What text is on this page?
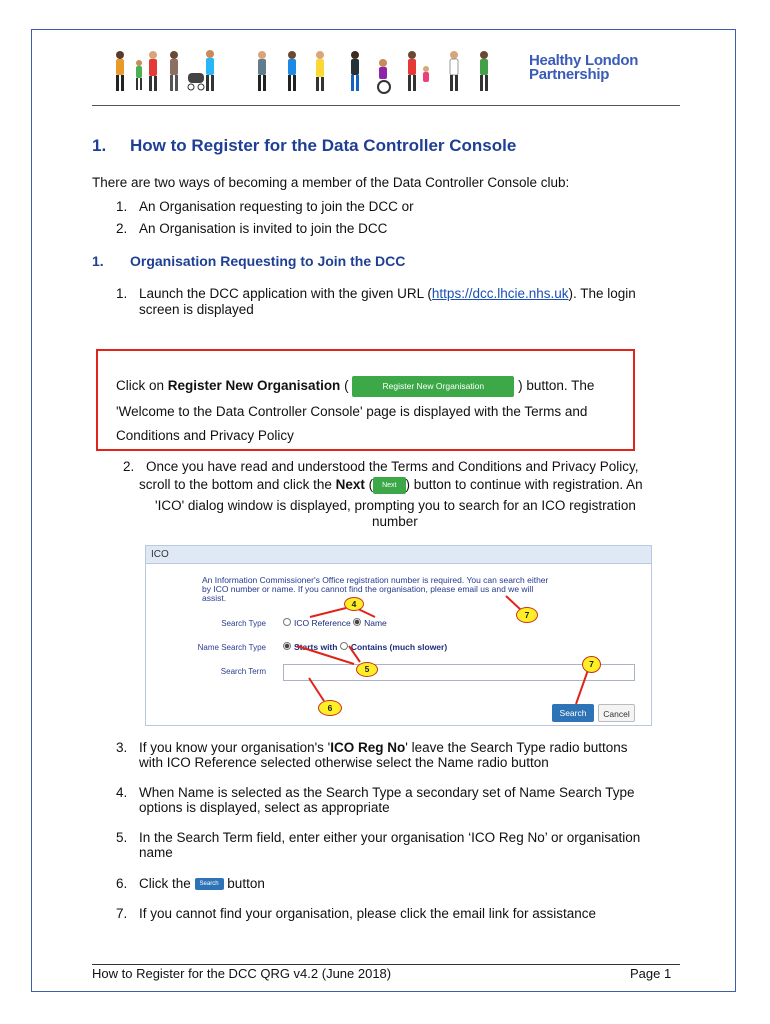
Healthy London
Partnership
1. How to Register for the Data Controller Console
There are two ways of becoming a member of the Data Controller Console club:
1. An Organisation requesting to join the DCC or
2. An Organisation is invited to join the DCC
1. Organisation Requesting to Join the DCC
1. Launch the DCC application with the given URL (https://dcc.lhcie.nhs.uk). The login
screen is displayed
Click on Register New Organisation (	Register New Organisation	) button. The
'Welcome to the Data Controller Console' page is displayed with the Terms and
Conditions and Privacy Policy
2. Once you have read and understood the Terms and Conditions and Privacy Policy,
scroll to the bottom and click the Next ( Next ) button to continue with registration. An
'ICO' dialog window is displayed, prompting you to search for an ICO registration
number
ICO
An Information Commissioner's Office registration number is required. You can search either
by ICO number or name. If you cannot find the organisation, please email us and we will
assist.
Search Type	ICO Reference Name
Name Search Type	Starts with Contains (much slower)
Search Term
Search	Cancel
4
7
5	7
6
3. If you know your organisation's 'ICO Reg No' leave the Search Type radio buttons
with ICO Reference selected otherwise select the Name radio button
4. When Name is selected as the Search Type a secondary set of Name Search Type
options is displayed, select as appropriate
5. In the Search Term field, enter either your organisation ‘ICO Reg No’ or organisation
name
6. Click the Search button
7. If you cannot find your organisation, please click the email link for assistance
How to Register for the DCC QRG v4.2 (June 2018)	Page 1
